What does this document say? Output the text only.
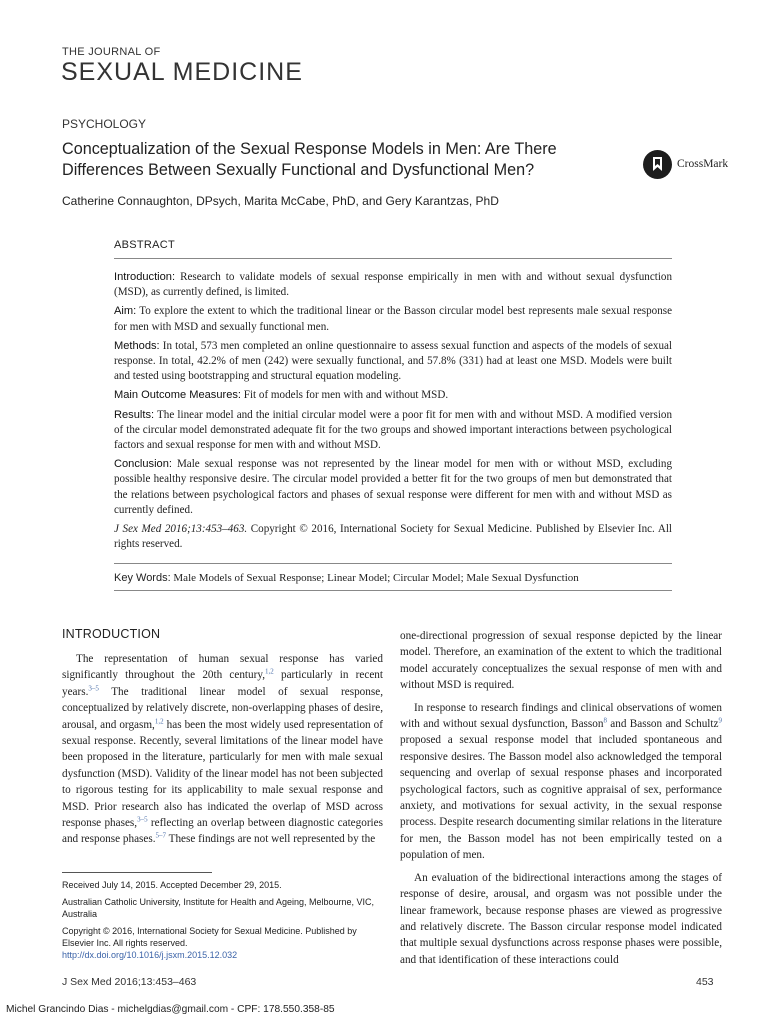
THE JOURNAL OF
SEXUAL MEDICINE
PSYCHOLOGY
Conceptualization of the Sexual Response Models in Men: Are There Differences Between Sexually Functional and Dysfunctional Men?	CrossMark
Catherine Connaughton, DPsych, Marita McCabe, PhD, and Gery Karantzas, PhD
ABSTRACT

Introduction: Research to validate models of sexual response empirically in men with and without sexual dysfunction (MSD), as currently defined, is limited.

Aim: To explore the extent to which the traditional linear or the Basson circular model best represents male sexual response for men with MSD and sexually functional men.

Methods: In total, 573 men completed an online questionnaire to assess sexual function and aspects of the models of sexual response. In total, 42.2% of men (242) were sexually functional, and 57.8% (331) had at least one MSD. Models were built and tested using bootstrapping and structural equation modeling.

Main Outcome Measures: Fit of models for men with and without MSD.

Results: The linear model and the initial circular model were a poor fit for men with and without MSD. A modified version of the circular model demonstrated adequate fit for the two groups and showed important interactions between psychological factors and sexual response for men with and without MSD.

Conclusion: Male sexual response was not represented by the linear model for men with or without MSD, excluding possible healthy responsive desire. The circular model provided a better fit for the two groups of men but demonstrated that the relations between psychological factors and phases of sexual response were different for men with and without MSD as currently defined.

J Sex Med 2016;13:453–463. Copyright © 2016, International Society for Sexual Medicine. Published by Elsevier Inc. All rights reserved.

Key Words: Male Models of Sexual Response; Linear Model; Circular Model; Male Sexual Dysfunction
INTRODUCTION

The representation of human sexual response has varied significantly throughout the 20th century,$^{1,2}$ particularly in recent years.$^{3-5}$ The traditional linear model of sexual response, conceptualized by relatively discrete, non-overlapping phases of desire, arousal, and orgasm,$^{1,2}$ has been the most widely used representation of sexual response. Recently, several limitations of the linear model have been proposed in the literature, particularly for men with male sexual dysfunction (MSD). Validity of the linear model has not been subjected to rigorous testing for its applicability to male sexual response and MSD. Prior research also has indicated the overlap of MSD across response phases,$^{3-5}$ reflecting an overlap between diagnostic categories and response phases.$^{5-7}$ These findings are not well represented by the

one-directional progression of sexual response depicted by the linear model. Therefore, an examination of the extent to which the traditional model accurately conceptualizes the sexual response of men with and without MSD is required.

In response to research findings and clinical observations of women with and without sexual dysfunction, Basson$^8$ and Basson and Schultz$^9$ proposed a sexual response model that included spontaneous and responsive desires. The Basson model also acknowledged the temporal sequencing and overlap of sexual response phases and incorporated psychological factors, such as cognitive appraisal of sex, performance anxiety, and motivations for sexual activity, in the sexual response process. Despite research documenting similar relations in the literature for men, the Basson model has not been empirically tested on a population of men.

An evaluation of the bidirectional interactions among the stages of response of desire, arousal, and orgasm was not possible under the linear framework, because response phases are viewed as progressive and relatively discrete. The Basson circular response model indicated that multiple sexual dysfunctions across response phases were possible, and that identification of these interactions could

Received July 14, 2015. Accepted December 29, 2015.

Australian Catholic University, Institute for Health and Ageing, Melbourne, VIC, Australia

Copyright © 2016, International Society for Sexual Medicine. Published by Elsevier Inc. All rights reserved.
http://dx.doi.org/10.1016/j.jsxm.2015.12.032

J Sex Med 2016;13:453–463	453
Michel Grancindo Dias - michelgdias@gmail.com - CPF: 178.550.358-85
